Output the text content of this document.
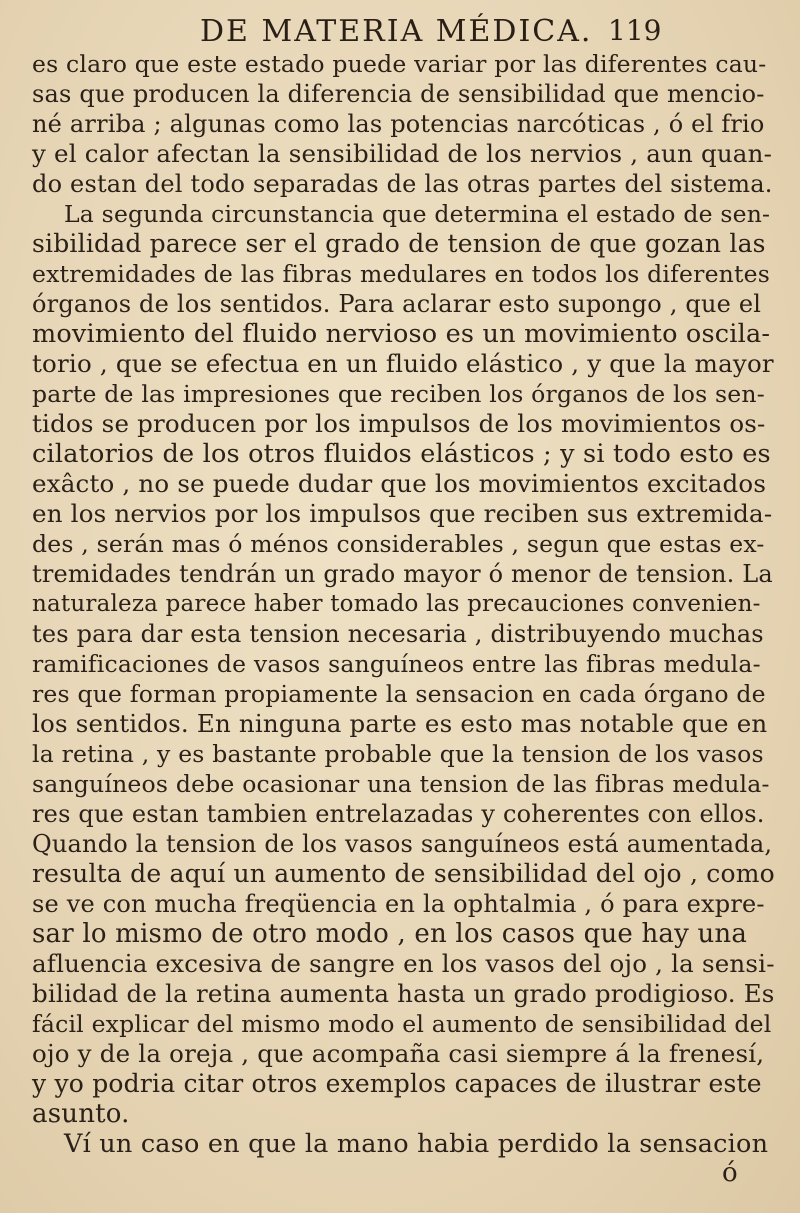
DE MATERIA MÉDICA. 119
es claro que este estado puede variar por las diferentes cau-
sas que producen la diferencia de sensibilidad que mencio-
né arriba ; algunas como las potencias narcóticas , ó el frio
y el calor afectan la sensibilidad de los nervios , aun quan-
do estan del todo separadas de las otras partes del sistema.
La segunda circunstancia que determina el estado de sen-
sibilidad parece ser el grado de tension de que gozan las
extremidades de las fibras medulares en todos los diferentes
órganos de los sentidos. Para aclarar esto supongo , que el
movimiento del fluido nervioso es un movimiento oscila-
torio , que se efectua en un fluido elástico , y que la mayor
parte de las impresiones que reciben los órganos de los sen-
tidos se producen por los impulsos de los movimientos os-
cilatorios de los otros fluidos elásticos ; y si todo esto es
exâcto , no se puede dudar que los movimientos excitados
en los nervios por los impulsos que reciben sus extremida-
des , serán mas ó ménos considerables , segun que estas ex-
tremidades tendrán un grado mayor ó menor de tension. La
naturaleza parece haber tomado las precauciones convenien-
tes para dar esta tension necesaria , distribuyendo muchas
ramificaciones de vasos sanguíneos entre las fibras medula-
res que forman propiamente la sensacion en cada órgano de
los sentidos. En ninguna parte es esto mas notable que en
la retina , y es bastante probable que la tension de los vasos
sanguíneos debe ocasionar una tension de las fibras medula-
res que estan tambien entrelazadas y coherentes con ellos.
Quando la tension de los vasos sanguíneos está aumentada,
resulta de aquí un aumento de sensibilidad del ojo , como
se ve con mucha freqüencia en la ophtalmia , ó para expre-
sar lo mismo de otro modo , en los casos que hay una
afluencia excesiva de sangre en los vasos del ojo , la sensi-
bilidad de la retina aumenta hasta un grado prodigioso. Es
fácil explicar del mismo modo el aumento de sensibilidad del
ojo y de la oreja , que acompaña casi siempre á la frenesí,
y yo podria citar otros exemplos capaces de ilustrar este
asunto.
Ví un caso en que la mano habia perdido la sensacion
ó
